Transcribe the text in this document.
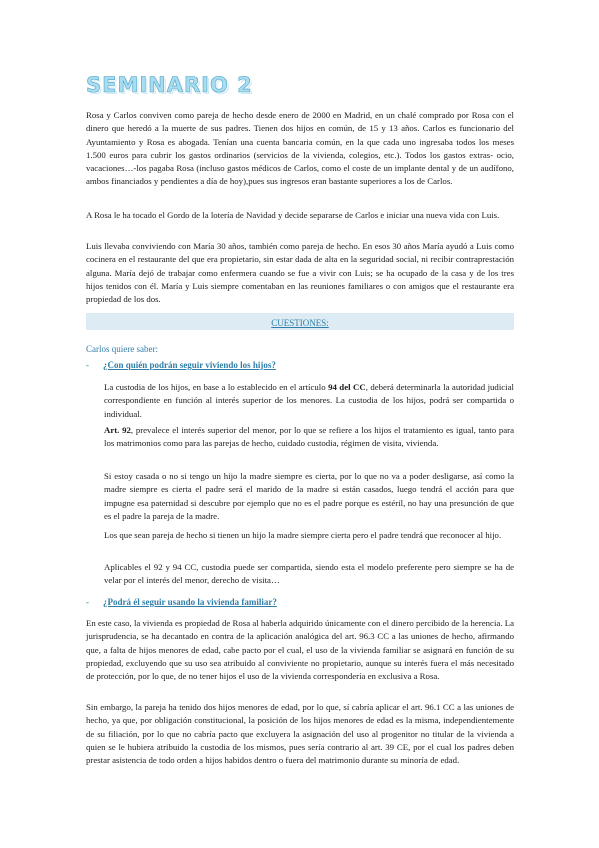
SEMINARIO 2

Rosa y Carlos conviven como pareja de hecho desde enero de 2000 en Madrid, en un chalé comprado por Rosa con el dinero que heredó a la muerte de sus padres. Tienen dos hijos en común, de 15 y 13 años. Carlos es funcionario del Ayuntamiento y Rosa es abogada. Tenían una cuenta bancaria común, en la que cada uno ingresaba todos los meses 1.500 euros para cubrir los gastos ordinarios (servicios de la vivienda, colegios, etc.). Todos los gastos extras- ocio, vacaciones…-los pagaba Rosa (incluso gastos médicos de Carlos, como el coste de un implante dental y de un audífono, ambos financiados y pendientes a día de hoy),pues sus ingresos eran bastante superiores a los de Carlos.

A Rosa le ha tocado el Gordo de la lotería de Navidad y decide separarse de Carlos e iniciar una nueva vida con Luis.

Luis llevaba conviviendo con María 30 años, también como pareja de hecho. En esos 30 años María ayudó a Luis como cocinera en el restaurante del que era propietario, sin estar dada de alta en la seguridad social, ni recibir contraprestación alguna. María dejó de trabajar como enfermera cuando se fue a vivir con Luis; se ha ocupado de la casa y de los tres hijos tenidos con él. María y Luis siempre comentaban en las reuniones familiares o con amigos que el restaurante era propiedad de los dos.

CUESTIONES:
Carlos quiere saber:
- ¿Con quién podrán seguir viviendo los hijos?

La custodia de los hijos, en base a lo establecido en el artículo 94 del CC, deberá determinarla la autoridad judicial correspondiente en función al interés superior de los menores. La custodia de los hijos, podrá ser compartida o individual.

Art. 92, prevalece el interés superior del menor, por lo que se refiere a los hijos el tratamiento es igual, tanto para los matrimonios como para las parejas de hecho, cuidado custodia, régimen de visita, vivienda.

Si estoy casada o no si tengo un hijo la madre siempre es cierta, por lo que no va a poder desligarse, así como la madre siempre es cierta el padre será el marido de la madre si están casados, luego tendrá el acción para que impugne esa paternidad si descubre por ejemplo que no es el padre porque es estéril, no hay una presunción de que es el padre la pareja de la madre.

Los que sean pareja de hecho si tienen un hijo la madre siempre cierta pero el padre tendrá que reconocer al hijo.

Aplicables el 92 y 94 CC, custodia puede ser compartida, siendo esta el modelo preferente pero siempre se ha de velar por el interés del menor, derecho de visita…

- ¿Podrá él seguir usando la vivienda familiar?

En este caso, la vivienda es propiedad de Rosa al haberla adquirido únicamente con el dinero percibido de la herencia. La jurisprudencia, se ha decantado en contra de la aplicación analógica del art. 96.3 CC a las uniones de hecho, afirmando que, a falta de hijos menores de edad, cabe pacto por el cual, el uso de la vivienda familiar se asignará en función de su propiedad, excluyendo que su uso sea atribuido al conviviente no propietario, aunque su interés fuera el más necesitado de protección, por lo que, de no tener hijos el uso de la vivienda correspondería en exclusiva a Rosa.

Sin embargo, la pareja ha tenido dos hijos menores de edad, por lo que, sí cabría aplicar el art. 96.1 CC a las uniones de hecho, ya que, por obligación constitucional, la posición de los hijos menores de edad es la misma, independientemente de su filiación, por lo que no cabría pacto que excluyera la asignación del uso al progenitor no titular de la vivienda a quien se le hubiera atribuido la custodia de los mismos, pues sería contrario al art. 39 CE, por el cual los padres deben prestar asistencia de todo orden a hijos habidos dentro o fuera del matrimonio durante su minoría de edad.
